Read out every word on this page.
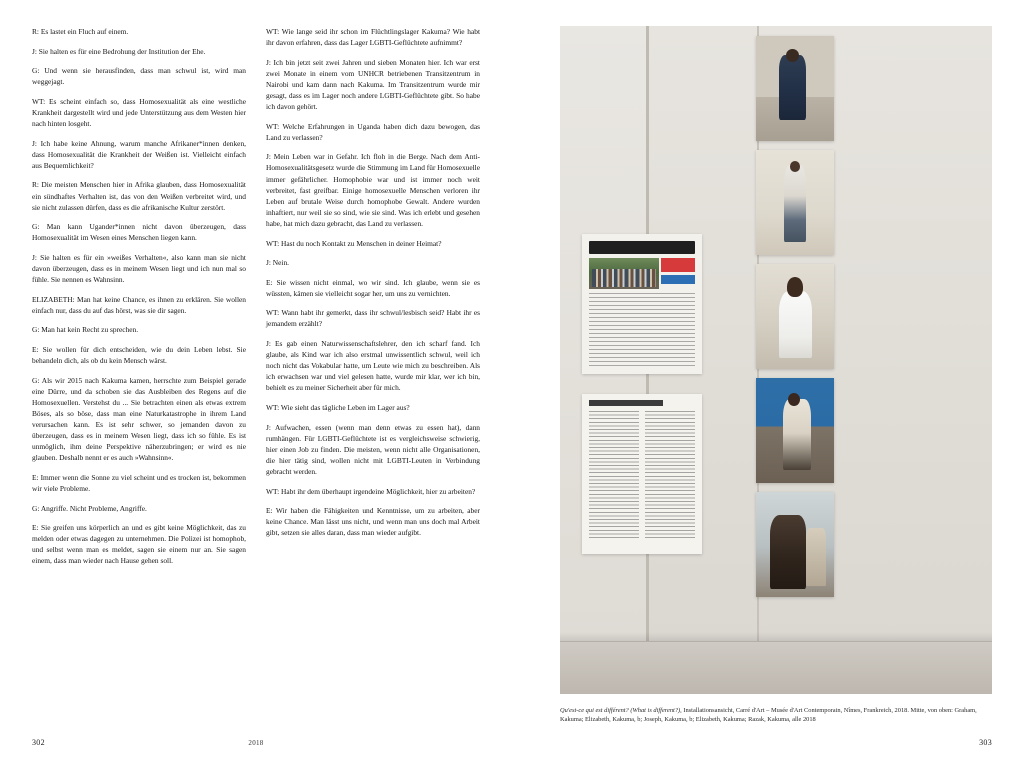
R: Es lastet ein Fluch auf einem.

J: Sie halten es für eine Bedrohung der Institution der Ehe.

G: Und wenn sie herausfinden, dass man schwul ist, wird man weggejagt.

WT: Es scheint einfach so, dass Homosexualität als eine westliche Krankheit dargestellt wird und jede Unterstützung aus dem Westen hier nach hinten losgeht.

J: Ich habe keine Ahnung, warum manche Afrikaner*innen denken, dass Homosexualität die Krankheit der Weißen ist. Vielleicht einfach aus Bequemlichkeit?

R: Die meisten Menschen hier in Afrika glauben, dass Homosexualität ein sündhaftes Verhalten ist, das von den Weißen verbreitet wird, und sie nicht zulassen dürfen, dass es die afrikanische Kultur zerstört.

G: Man kann Ugander*innen nicht davon überzeugen, dass Homosexualität im Wesen eines Menschen liegen kann.

J: Sie halten es für ein »weißes Verhalten«, also kann man sie nicht davon überzeugen, dass es in meinem Wesen liegt und ich nun mal so fühle. Sie nennen es Wahnsinn.

ELIZABETH: Man hat keine Chance, es ihnen zu erklären. Sie wollen einfach nur, dass du auf das hörst, was sie dir sagen.

G: Man hat kein Recht zu sprechen.

E: Sie wollen für dich entscheiden, wie du dein Leben lebst. Sie behandeln dich, als ob du kein Mensch wärst.

G: Als wir 2015 nach Kakuma kamen, herrschte zum Beispiel gerade eine Dürre, und da schoben sie das Ausbleiben des Regens auf die Homosexuellen. Verstehst du ... Sie betrachten einen als etwas extrem Böses, als so böse, dass man eine Naturkatastrophe in ihrem Land verursachen kann. Es ist sehr schwer, so jemanden davon zu überzeugen, dass es in meinem Wesen liegt, dass ich so fühle. Es ist unmöglich, ihm deine Perspektive näherzubringen; er wird es nie glauben. Deshalb nennt er es auch »Wahnsinn«.

E: Immer wenn die Sonne zu viel scheint und es trocken ist, bekommen wir viele Probleme.

G: Angriffe. Nicht Probleme, Angriffe.

E: Sie greifen uns körperlich an und es gibt keine Möglichkeit, das zu melden oder etwas dagegen zu unternehmen. Die Polizei ist homophob, und selbst wenn man es meldet, sagen sie einem nur an. Sie sagen einem, dass man wieder nach Hause gehen soll.

WT: Wie lange seid ihr schon im Flüchtlingslager Kakuma? Wie habt ihr davon erfahren, dass das Lager LGBTI-Geflüchtete aufnimmt?

J: Ich bin jetzt seit zwei Jahren und sieben Monaten hier. Ich war erst zwei Monate in einem vom UNHCR betriebenen Transitzentrum in Nairobi und kam dann nach Kakuma. Im Transitzentrum wurde mir gesagt, dass es im Lager noch andere LGBTI-Geflüchtete gibt. So habe ich davon gehört.

WT: Welche Erfahrungen in Uganda haben dich dazu bewogen, das Land zu verlassen?

J: Mein Leben war in Gefahr. Ich floh in die Berge. Nach dem Anti-Homosexualitätsgesetz wurde die Stimmung im Land für Homosexuelle immer gefährlicher. Homophobie war und ist immer noch weit verbreitet, fast greifbar. Einige homosexuelle Menschen verloren ihr Leben auf brutale Weise durch homophobe Gewalt. Andere wurden inhaftiert, nur weil sie so sind, wie sie sind. Was ich erlebt und gesehen habe, hat mich dazu gebracht, das Land zu verlassen.

WT: Hast du noch Kontakt zu Menschen in deiner Heimat?

J: Nein.

E: Sie wissen nicht einmal, wo wir sind. Ich glaube, wenn sie es wüssten, kämen sie vielleicht sogar her, um uns zu vernichten.

WT: Wann habt ihr gemerkt, dass ihr schwul/lesbisch seid? Habt ihr es jemandem erzählt?

J: Es gab einen Naturwissenschaftslehrer, den ich scharf fand. Ich glaube, als Kind war ich also erstmal unwissentlich schwul, weil ich noch nicht das Vokabular hatte, um Leute wie mich zu beschreiben. Als ich erwachsen war und viel gelesen hatte, wurde mir klar, wer ich bin, behielt es zu meiner Sicherheit aber für mich.

WT: Wie sieht das tägliche Leben im Lager aus?

J: Aufwachen, essen (wenn man denn etwas zu essen hat), dann rumhängen. Für LGBTI-Geflüchtete ist es vergleichsweise schwierig, hier einen Job zu finden. Die meisten, wenn nicht alle Organisationen, die hier tätig sind, wollen nicht mit LGBTI-Leuten in Verbindung gebracht werden.

WT: Habt ihr dem überhaupt irgendeine Möglichkeit, hier zu arbeiten?

E: Wir haben die Fähigkeiten und Kenntnisse, um zu arbeiten, aber keine Chance. Man lässt uns nicht, und wenn man uns doch mal Arbeit gibt, setzen sie alles daran, dass man wieder aufgibt.

302	2018
Qu'est-ce qui est différent? (What is different?), Installationsansicht, Carré d'Art – Musée d'Art Contemporain, Nîmes, Frankreich, 2018. Mitte, von oben: Graham, Kakuma; Elizabeth, Kakuma, b; Joseph, Kakuma, b; Elizabeth, Kakuma; Razak, Kakuma, alle 2018
303
